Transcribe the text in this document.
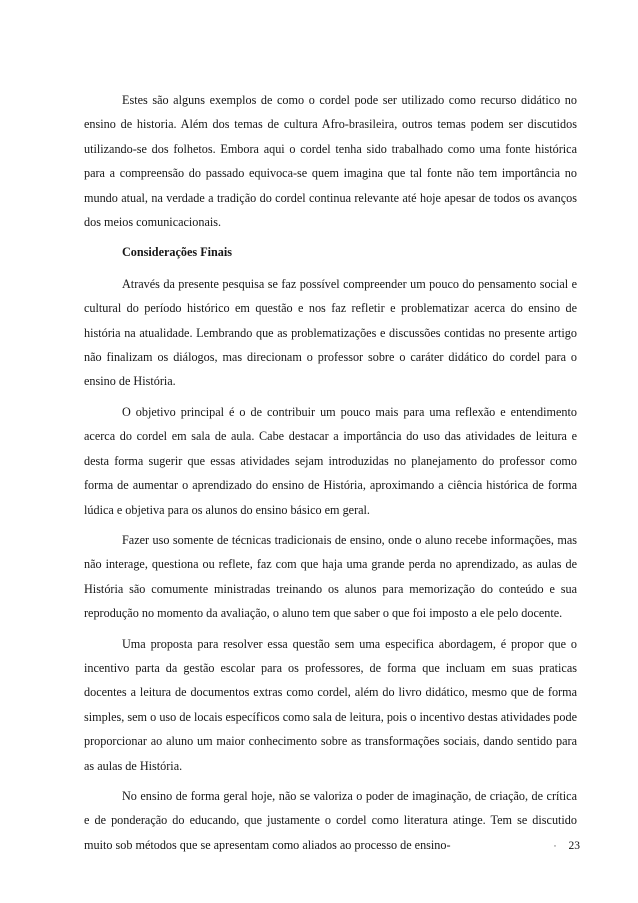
Estes são alguns exemplos de como o cordel pode ser utilizado como recurso didático no ensino de historia. Além dos temas de cultura Afro-brasileira, outros temas podem ser discutidos utilizando-se dos folhetos. Embora aqui o cordel tenha sido trabalhado como uma fonte histórica para a compreensão do passado equivoca-se quem imagina que tal fonte não tem importância no mundo atual, na verdade a tradição do cordel continua relevante até hoje apesar de todos os avanços dos meios comunicacionais.

Considerações Finais

Através da presente pesquisa se faz possível compreender um pouco do pensamento social e cultural do período histórico em questão e nos faz refletir e problematizar acerca do ensino de história na atualidade. Lembrando que as problematizações e discussões contidas no presente artigo não finalizam os diálogos, mas direcionam o professor sobre o caráter didático do cordel para o ensino de História.

O objetivo principal é o de contribuir um pouco mais para uma reflexão e entendimento acerca do cordel em sala de aula. Cabe destacar a importância do uso das atividades de leitura e desta forma sugerir que essas atividades sejam introduzidas no planejamento do professor como forma de aumentar o aprendizado do ensino de História, aproximando a ciência histórica de forma lúdica e objetiva para os alunos do ensino básico em geral.

Fazer uso somente de técnicas tradicionais de ensino, onde o aluno recebe informações, mas não interage, questiona ou reflete, faz com que haja uma grande perda no aprendizado, as aulas de História são comumente ministradas treinando os alunos para memorização do conteúdo e sua reprodução no momento da avaliação, o aluno tem que saber o que foi imposto a ele pelo docente.

Uma proposta para resolver essa questão sem uma especifica abordagem, é propor que o incentivo parta da gestão escolar para os professores, de forma que incluam em suas praticas docentes a leitura de documentos extras como cordel, além do livro didático, mesmo que de forma simples, sem o uso de locais específicos como sala de leitura, pois o incentivo destas atividades pode proporcionar ao aluno um maior conhecimento sobre as transformações sociais, dando sentido para as aulas de História.

No ensino de forma geral hoje, não se valoriza o poder de imaginação, de criação, de crítica e de ponderação do educando, que justamente o cordel como literatura atinge. Tem se discutido muito sob métodos que se apresentam como aliados ao processo de ensino-	· 23
